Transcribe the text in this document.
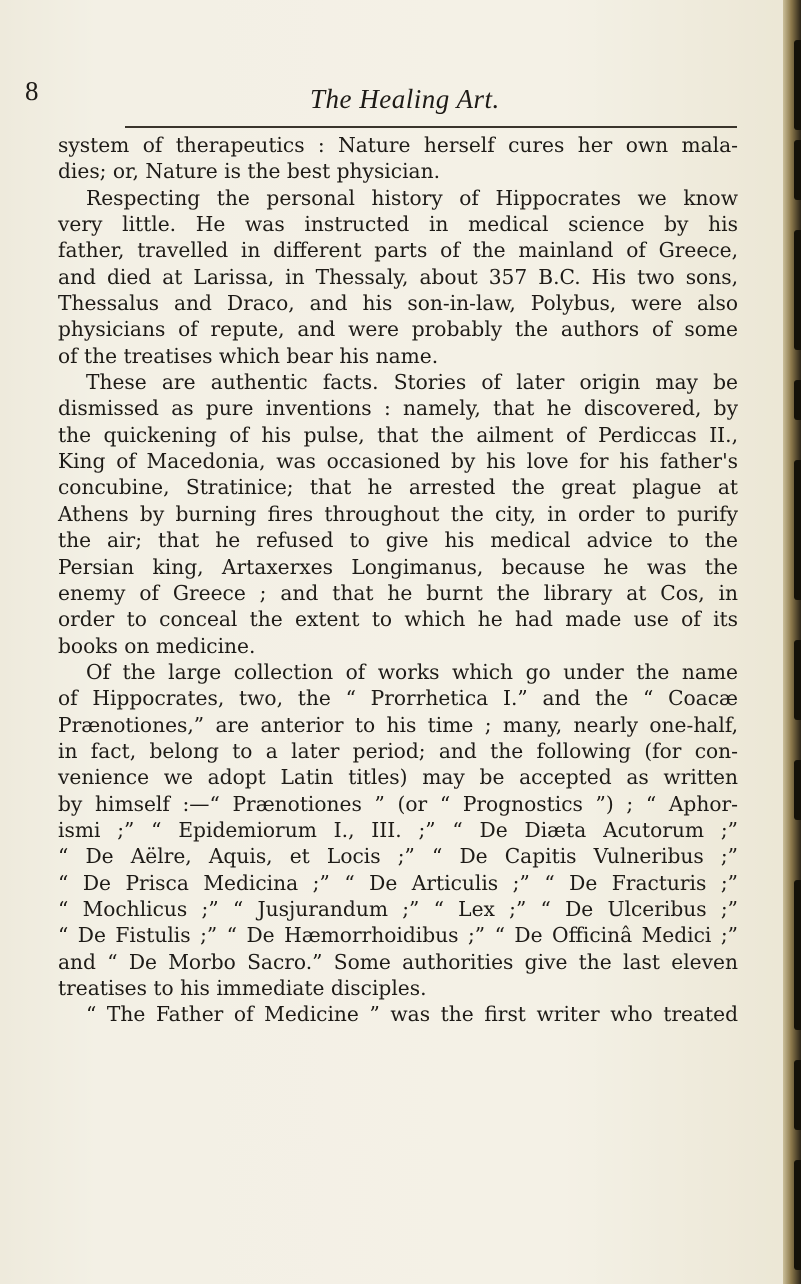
8	The Healing Art.
system of therapeutics : Nature herself cures her own mala-
dies; or, Nature is the best physician.
Respecting the personal history of Hippocrates we know
very little. He was instructed in medical science by his
father, travelled in different parts of the mainland of Greece,
and died at Larissa, in Thessaly, about 357 B.C. His two sons,
Thessalus and Draco, and his son-in-law, Polybus, were also
physicians of repute, and were probably the authors of some
of the treatises which bear his name.
These are authentic facts. Stories of later origin may be
dismissed as pure inventions : namely, that he discovered, by
the quickening of his pulse, that the ailment of Perdiccas II.,
King of Macedonia, was occasioned by his love for his father's
concubine, Stratinice; that he arrested the great plague at
Athens by burning fires throughout the city, in order to purify
the air; that he refused to give his medical advice to the
Persian king, Artaxerxes Longimanus, because he was the
enemy of Greece ; and that he burnt the library at Cos, in
order to conceal the extent to which he had made use of its
books on medicine.
Of the large collection of works which go under the name
of Hippocrates, two, the “ Prorrhetica I.” and the “ Coacæ
Prænotiones,” are anterior to his time ; many, nearly one-half,
in fact, belong to a later period; and the following (for con-
venience we adopt Latin titles) may be accepted as written
by himself :—“ Prænotiones ” (or “ Prognostics ”) ; “ Aphor-
ismi ;” “ Epidemiorum I., III. ;” “ De Diæta Acutorum ;”
“ De Aëlre, Aquis, et Locis ;” “ De Capitis Vulneribus ;”
“ De Prisca Medicina ;” “ De Articulis ;” “ De Fracturis ;”
“ Mochlicus ;” “ Jusjurandum ;” “ Lex ;” “ De Ulceribus ;”
“ De Fistulis ;” “ De Hæmorrhoidibus ;” “ De Officinâ Medici ;”
and “ De Morbo Sacro.” Some authorities give the last eleven
treatises to his immediate disciples.
“ The Father of Medicine ” was the first writer who treated
